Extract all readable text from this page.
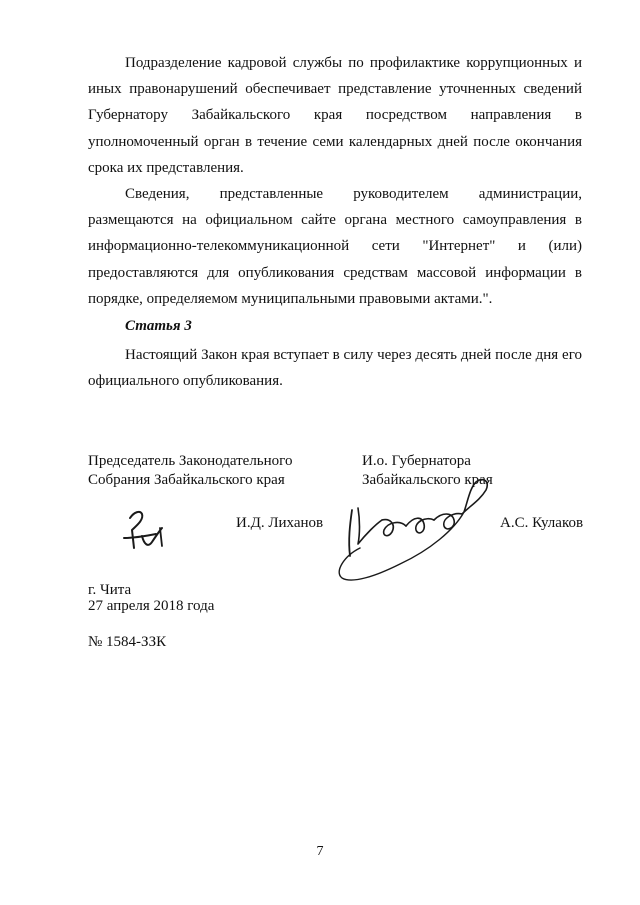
Подразделение кадровой службы по профилактике коррупционных и иных правонарушений обеспечивает представление уточненных сведений Губернатору Забайкальского края посредством направления в уполномоченный орган в течение семи календарных дней после окончания срока их представления.

Сведения, представленные руководителем администрации, размещаются на официальном сайте органа местного самоуправления в информационно-телекоммуникационной сети "Интернет" и (или) предоставляются для опубликования средствам массовой информации в порядке, определяемом муниципальными правовыми актами.".

Статья 3

Настоящий Закон края вступает в силу через десять дней после дня его официального опубликования.

Председатель Законодательного
Собрания Забайкальского края
И.Д. Лиханов
И.о. Губернатора
Забайкальского края
А.С. Кулаков
г. Чита
27 апреля 2018 года
№ 1584-ЗЗК
7
